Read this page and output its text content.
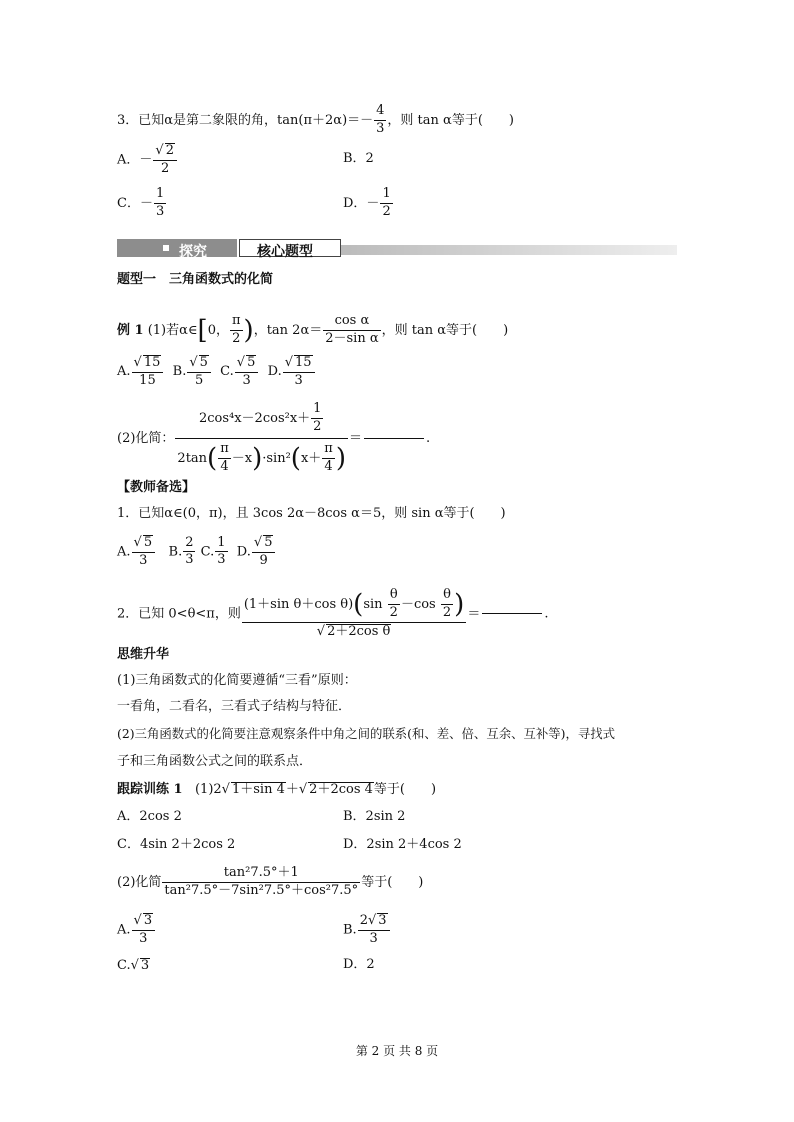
3．已知α是第二象限的角，$\tan(\pi+2\alpha)=- \frac{4}{3}$ ，则 tan α等于(　　)
A．－ $\frac{√ 2}{2}$	B．2
C．－ $\frac{1}{3}$	D．－ $\frac{1}{2}$
探究	核心题型
题型一　三角函数式的化简
例 1 (1)若α∈[0， $\frac{\pi}{2}$ )，$\tan 2\alpha= \frac{\text{cos α}}{\text{2－sin α}}$ ，则 tan α等于(　　)
A. $\frac{√ 15}{15} B$. $\frac{√ 5}{5} C$. $\frac{√ 5}{3} D$. $\frac{√ 15}{3}$
(2)化简： $\frac{2\cos^4x-2\cos^2x+ \frac{1}{2}}{2\tan( \frac{\pi}{4} -x)\cdot\sin^2(x+ \frac{\pi}{4} )}$ ＝	.
【教师备选】
1．已知α∈(0，π)，且 3cos 2α－8cos α＝5，则 sin α等于(　　)
A. $\frac{√ 5}{3} B$. $\frac{2}{3} C$. $\frac{1}{3} D$. $\frac{√ 5}{9}$
2．已知 0<θ<π，则 $\frac{(1+\sin \theta+\cos \theta)(\sin \frac{\theta}{2} -\cos \frac{\theta}{2} )}{\text{√ 2＋2cos θ}}$ ＝	.
思维升华
(1)三角函数式的化简要遵循“三看”原则：
一看角，二看名，三看式子结构与特征．
(2)三角函数式的化简要注意观察条件中角之间的联系(和、差、倍、互余、互补等)，寻找式
子和三角函数公式之间的联系点．
跟踪训练 1 (1)2√ 1＋sin 4＋√ 2＋2cos 4等于(　　)
A．2cos 2	B．2sin 2
C．4sin 2＋2cos 2	D．2sin 2＋4cos 2
(2)化简 $\frac{\text{tan²7.5°＋1}}{\text{tan²7.5°－7sin²7.5°＋cos²7.5°}}$ 等于(　　)
A. $\frac{√ 3}{3}$	B. $\frac{2√ 3}{3}$
C.√ 3	D．2
第 2 页 共 8 页
